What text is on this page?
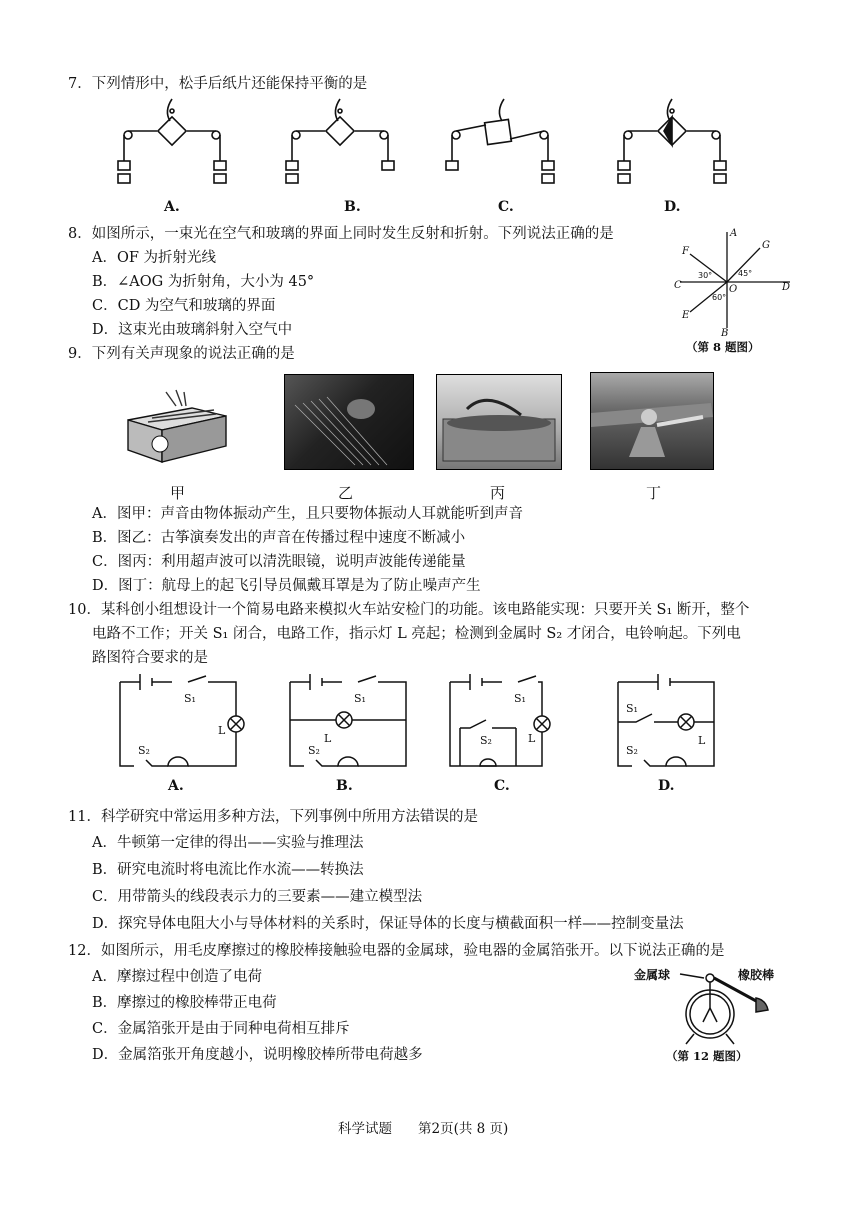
7．下列情形中，松手后纸片还能保持平衡的是
A.	B.	C.	D.
8．如图所示，一束光在空气和玻璃的界面上同时发生反射和折射。下列说法正确的是
A．OF 为折射光线
B．∠AOG 为折射角，大小为 45°
C．CD 为空气和玻璃的界面
D．这束光由玻璃斜射入空气中
A
B
C	D
E
F
G
O
30°	45°
60°
（第 8 题图）
9．下列有关声现象的说法正确的是
甲	乙	丙	丁
A．图甲：声音由物体振动产生，且只要物体振动人耳就能听到声音
B．图乙：古筝演奏发出的声音在传播过程中速度不断减小
C．图丙：利用超声波可以清洗眼镜，说明声波能传递能量
D．图丁：航母上的起飞引导员佩戴耳罩是为了防止噪声产生
10．某科创小组想设计一个简易电路来模拟火车站安检门的功能。该电路能实现：只要开关 S₁ 断开，整个
电路不工作；开关 S₁ 闭合，电路工作，指示灯 L 亮起；检测到金属时 S₂ 才闭合，电铃响起。下列电
路图符合要求的是
S₁
L
S₂
S₁
L
S₂
S₁
L
S₂
S₁
L
S₂
A.	B.	C.	D.
11．科学研究中常运用多种方法，下列事例中所用方法错误的是
A．牛顿第一定律的得出——实验与推理法
B．研究电流时将电流比作水流——转换法
C．用带箭头的线段表示力的三要素——建立模型法
D．探究导体电阻大小与导体材料的关系时，保证导体的长度与横截面积一样——控制变量法
12．如图所示，用毛皮摩擦过的橡胶棒接触验电器的金属球，验电器的金属箔张开。以下说法正确的是
A．摩擦过程中创造了电荷
B．摩擦过的橡胶棒带正电荷
C．金属箔张开是由于同种电荷相互排斥
D．金属箔张开角度越小，说明橡胶棒所带电荷越多
金属球	橡胶棒
（第 12 题图）
科学试题 第2页(共 8 页)
